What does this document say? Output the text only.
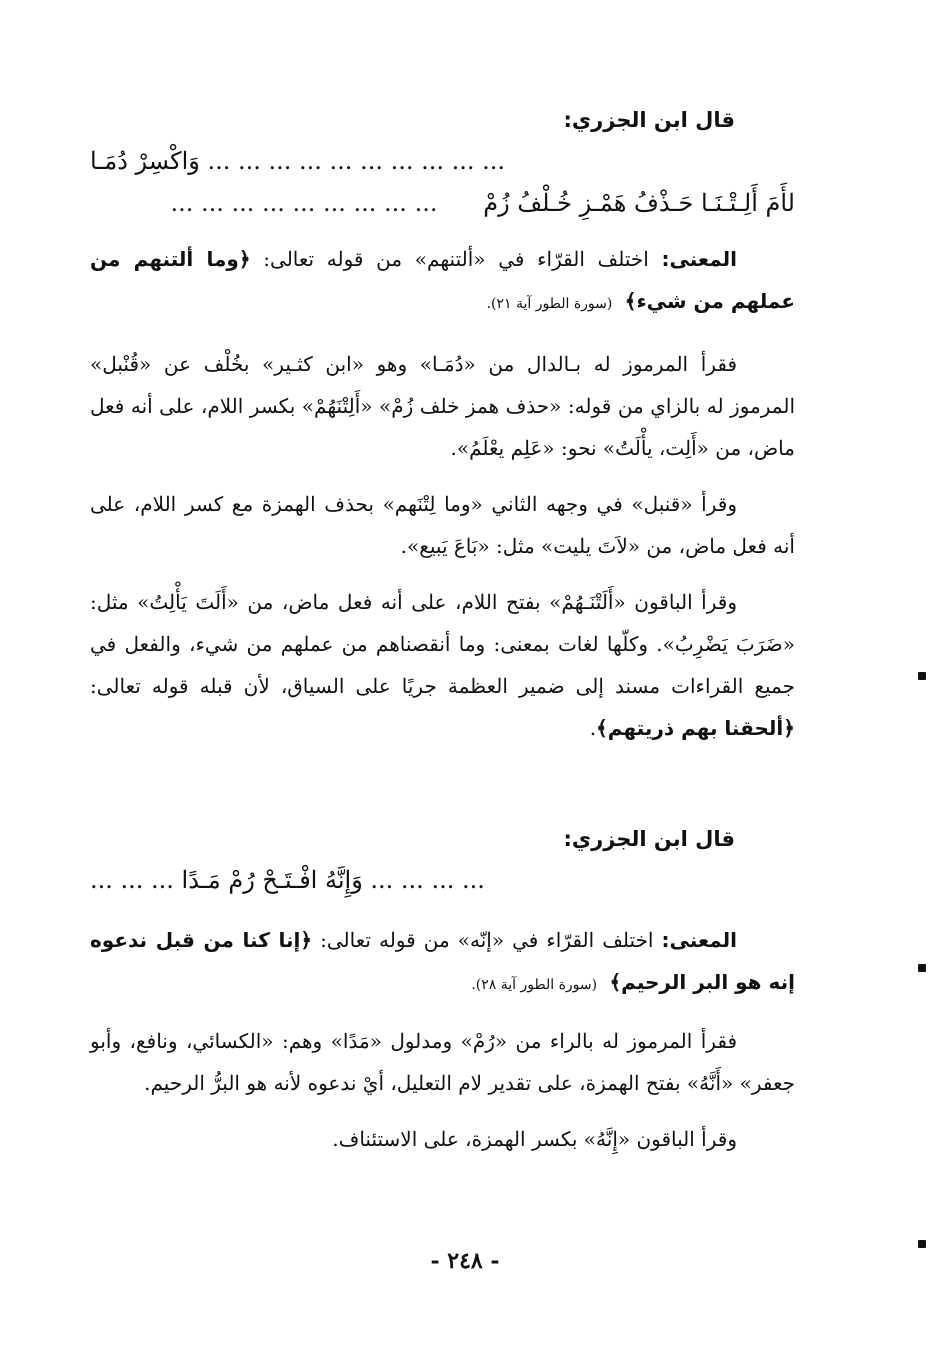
قال ابن الجزري:
... ... ... ... ... ... ... ... ... ... وَاكْسِرْ دُمَـا
لأَمَ أَلِـتْـنَـا حَـذْفُ هَمْـزِ خُـلْفُ زُمْ      ... ... ... ... ... ... ... ... ...

المعنى: اختلف القرّاء في «ألتنهم» من قوله تعالى: ﴿وما ألتنهم من عملهم من شيء﴾ (سورة الطور آية ٢١).

فقرأ المرموز له بـالدال من «دُمَـا» وهو «ابن كثـير» بخُلْف عن «قُنْبل» المرموز له بالزاي من قوله: «حذف همز خلف زُمْ» «أَلِتْنَهُمْ» بكسر اللام، على أنه فعل ماض، من «أَلِت، يأْلَتُ» نحو: «عَلِم يعْلَمُ».

وقرأ «قنبل» في وجهه الثاني «وما لِتْنَهم» بحذف الهمزة مع كسر اللام، على أنه فعل ماض، من «لاَتَ يليت» مثل: «بَاعَ يَبيع».

وقرأ الباقون «أَلَتْنَـهُمْ» بفتح اللام، على أنه فعل ماض، من «أَلَتَ يَأْلِتُ» مثل: «ضَرَبَ يَضْرِبُ». وكلّها لغات بمعنى: وما أنقصناهم من عملهم من شيء، والفعل في جميع القراءات مسند إلى ضمير العظمة جريًا على السياق، لأن قبله قوله تعالى: ﴿ألحقنا بهم ذريتهم﴾.

قال ابن الجزري:
... ... ... ... وَإِنَّهُ افْـتَـحْ رُمْ مَـدًا ... ... ...

المعنى: اختلف القرّاء في «إنّه» من قوله تعالى: ﴿إنا كنا من قبل ندعوه إنه هو البر الرحيم﴾ (سورة الطور آية ٢٨).

فقرأ المرموز له بالراء من «رُمْ» ومدلول «مَدًا» وهم: «الكسائي، ونافع، وأبو جعفر» «أَنَّهُ» بفتح الهمزة، على تقدير لام التعليل، أيْ ندعوه لأنه هو البرُّ الرحيم.

وقرأ الباقون «إِنَّهُ» بكسر الهمزة، على الاستئناف.

- ٢٤٨ -
